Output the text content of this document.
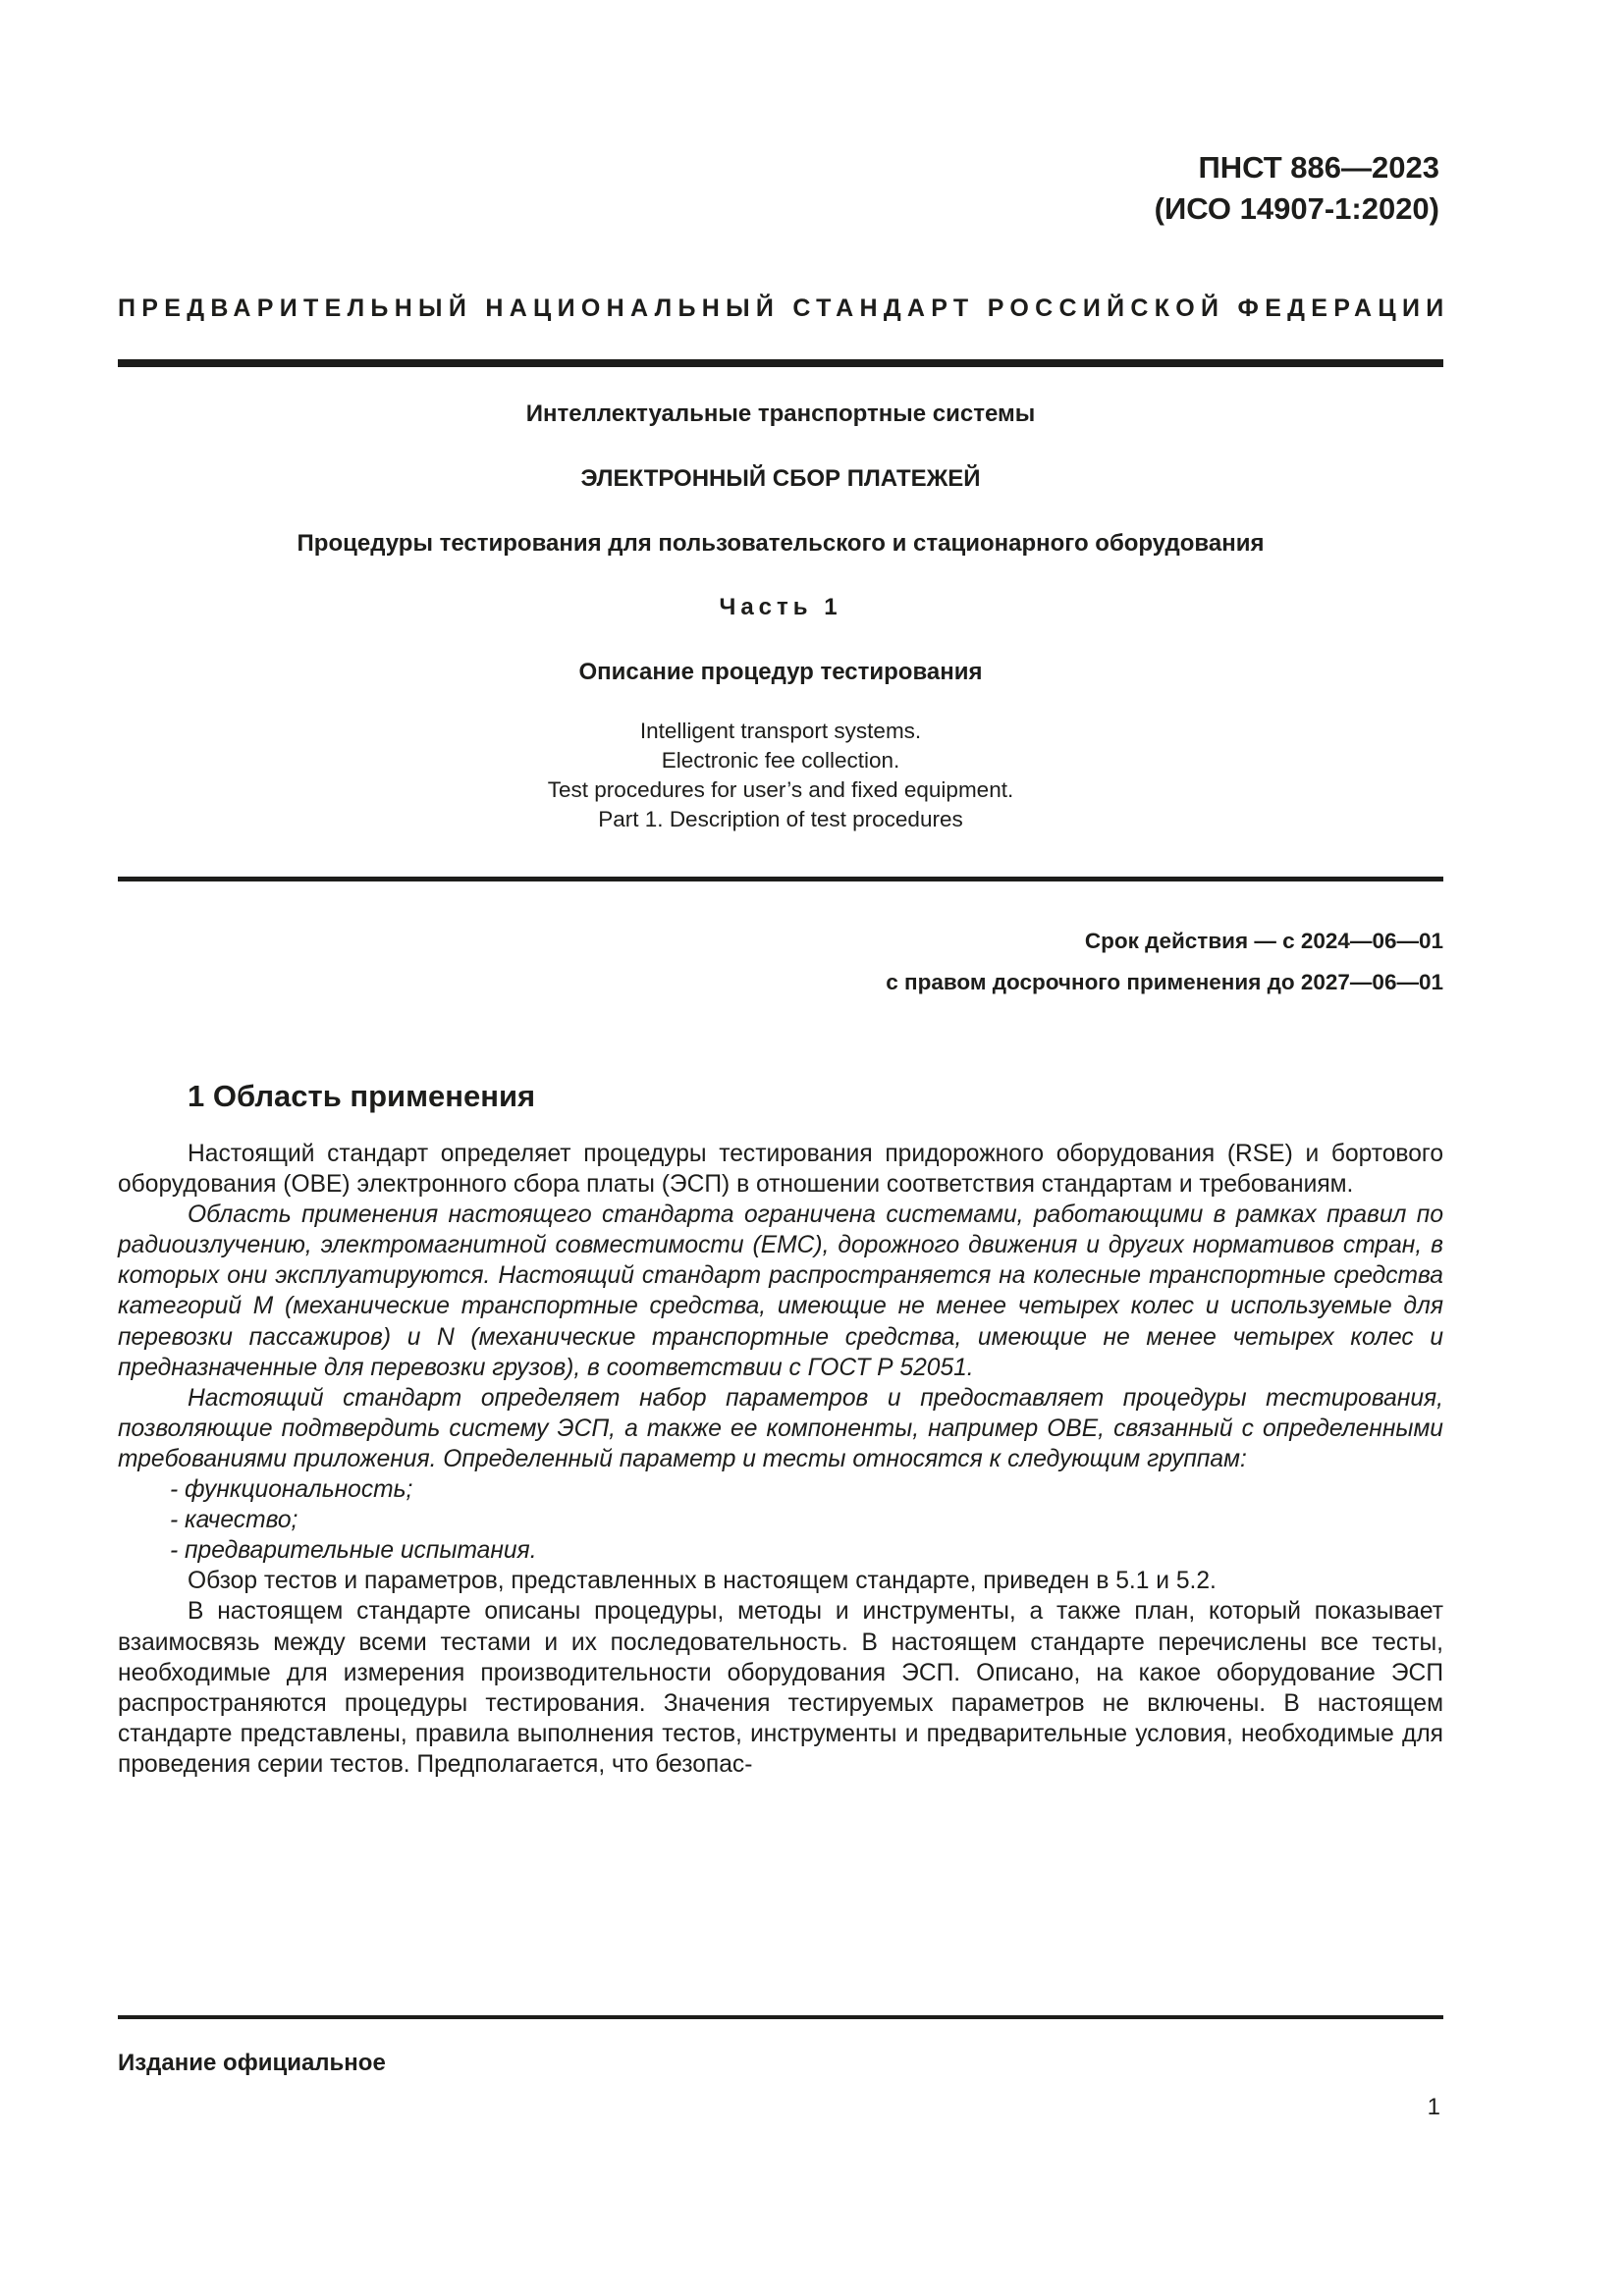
ПНСТ 886—2023
(ИСО 14907-1:2020)
ПРЕДВАРИТЕЛЬНЫЙ НАЦИОНАЛЬНЫЙ СТАНДАРТ РОССИЙСКОЙ ФЕДЕРАЦИИ
Интеллектуальные транспортные системы
ЭЛЕКТРОННЫЙ СБОР ПЛАТЕЖЕЙ
Процедуры тестирования для пользовательского и стационарного оборудования
Часть 1
Описание процедур тестирования
Intelligent transport systems.
Electronic fee collection.
Test procedures for user’s and fixed equipment.
Part 1. Description of test procedures
Срок действия — с 2024—06—01
с правом досрочного применения до 2027—06—01
1 Область применения

Настоящий стандарт определяет процедуры тестирования придорожного оборудования (RSE) и бортового оборудования (OBE) электронного сбора платы (ЭСП) в отношении соответствия стандартам и требованиям.

Область применения настоящего стандарта ограничена системами, работающими в рамках правил по радиоизлучению, электромагнитной совместимости (EMC), дорожного движения и других нормативов стран, в которых они эксплуатируются. Настоящий стандарт распространяется на колесные транспортные средства категорий M (механические транспортные средства, имеющие не менее четырех колес и используемые для перевозки пассажиров) и N (механические транспортные средства, имеющие не менее четырех колес и предназначенные для перевозки грузов), в соответствии с ГОСТ Р 52051.

Настоящий стандарт определяет набор параметров и предоставляет процедуры тестирования, позволяющие подтвердить систему ЭСП, а также ее компоненты, например OBE, связанный с определенными требованиями приложения. Определенный параметр и тесты относятся к следующим группам:

- функциональность;
- качество;
- предварительные испытания.

Обзор тестов и параметров, представленных в настоящем стандарте, приведен в 5.1 и 5.2.

В настоящем стандарте описаны процедуры, методы и инструменты, а также план, который показывает взаимосвязь между всеми тестами и их последовательность. В настоящем стандарте перечислены все тесты, необходимые для измерения производительности оборудования ЭСП. Описано, на какое оборудование ЭСП распространяются процедуры тестирования. Значения тестируемых параметров не включены. В настоящем стандарте представлены, правила выполнения тестов, инструменты и предварительные условия, необходимые для проведения серии тестов. Предполагается, что безопас-

Издание официальное
1
